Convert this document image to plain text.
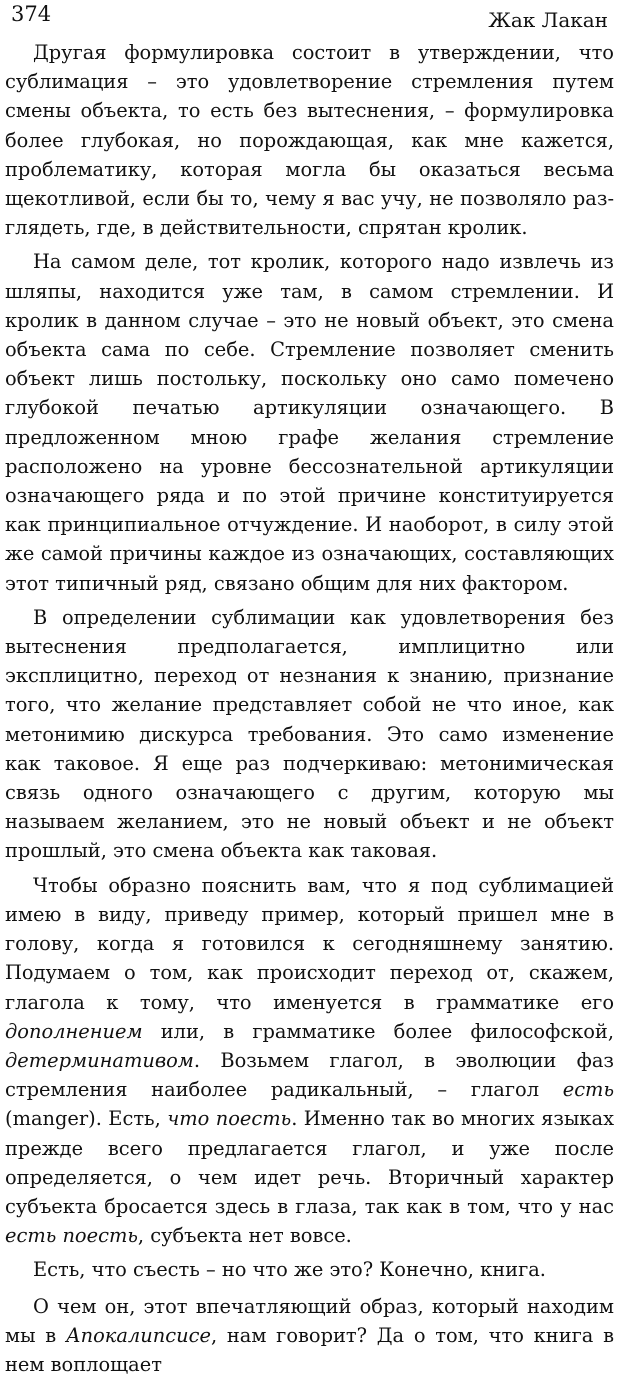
374	Жак Лакан

Другая формулировка состоит в утверждении, что сублимация – это удовлетворение стремления путем смены объекта, то есть без вытеснения, – формулировка более глубокая, но порождающая, как мне кажется, проблематику, которая могла бы оказаться весьма щекотливой, если бы то, чему я вас учу, не позволяло разглядеть, где, в действительности, спрятан кролик.

На самом деле, тот кролик, которого надо извлечь из шляпы, находится уже там, в самом стремлении. И кролик в данном случае – это не новый объект, это смена объекта сама по себе. Стремление позволяет сменить объект лишь постольку, поскольку оно само помечено глубокой печатью артикуляции означающего. В предложенном мною графе желания стремление расположено на уровне бессознательной артикуляции означающего ряда и по этой причине конституируется как принципиальное отчуждение. И наоборот, в силу этой же самой причины каждое из означающих, составляющих этот типичный ряд, связано общим для них фактором.

В определении сублимации как удовлетворения без вытеснения предполагается, имплицитно или эксплицитно, переход от незнания к знанию, признание того, что желание представляет собой не что иное, как метонимию дискурса требования. Это само изменение как таковое. Я еще раз подчеркиваю: метонимическая связь одного означающего с другим, которую мы называем желанием, это не новый объект и не объект прошлый, это смена объекта как таковая.

Чтобы образно пояснить вам, что я под сублимацией имею в виду, приведу пример, который пришел мне в голову, когда я готовился к сегодняшнему занятию. Подумаем о том, как происходит переход от, скажем, глагола к тому, что именуется в грамматике его дополнением или, в грамматике более философской, детерминативом. Возьмем глагол, в эволюции фаз стремления наиболее радикальный, – глагол есть (manger). Есть, что поесть. Именно так во многих языках прежде всего предлагается глагол, и уже после определяется, о чем идет речь. Вторичный характер субъекта бросается здесь в глаза, так как в том, что у нас есть поесть, субъекта нет вовсе.

Есть, что съесть – но что же это? Конечно, книга.

О чем он, этот впечатляющий образ, который находим мы в Апокалипсисе, нам говорит? Да о том, что книга в нем воплощает
